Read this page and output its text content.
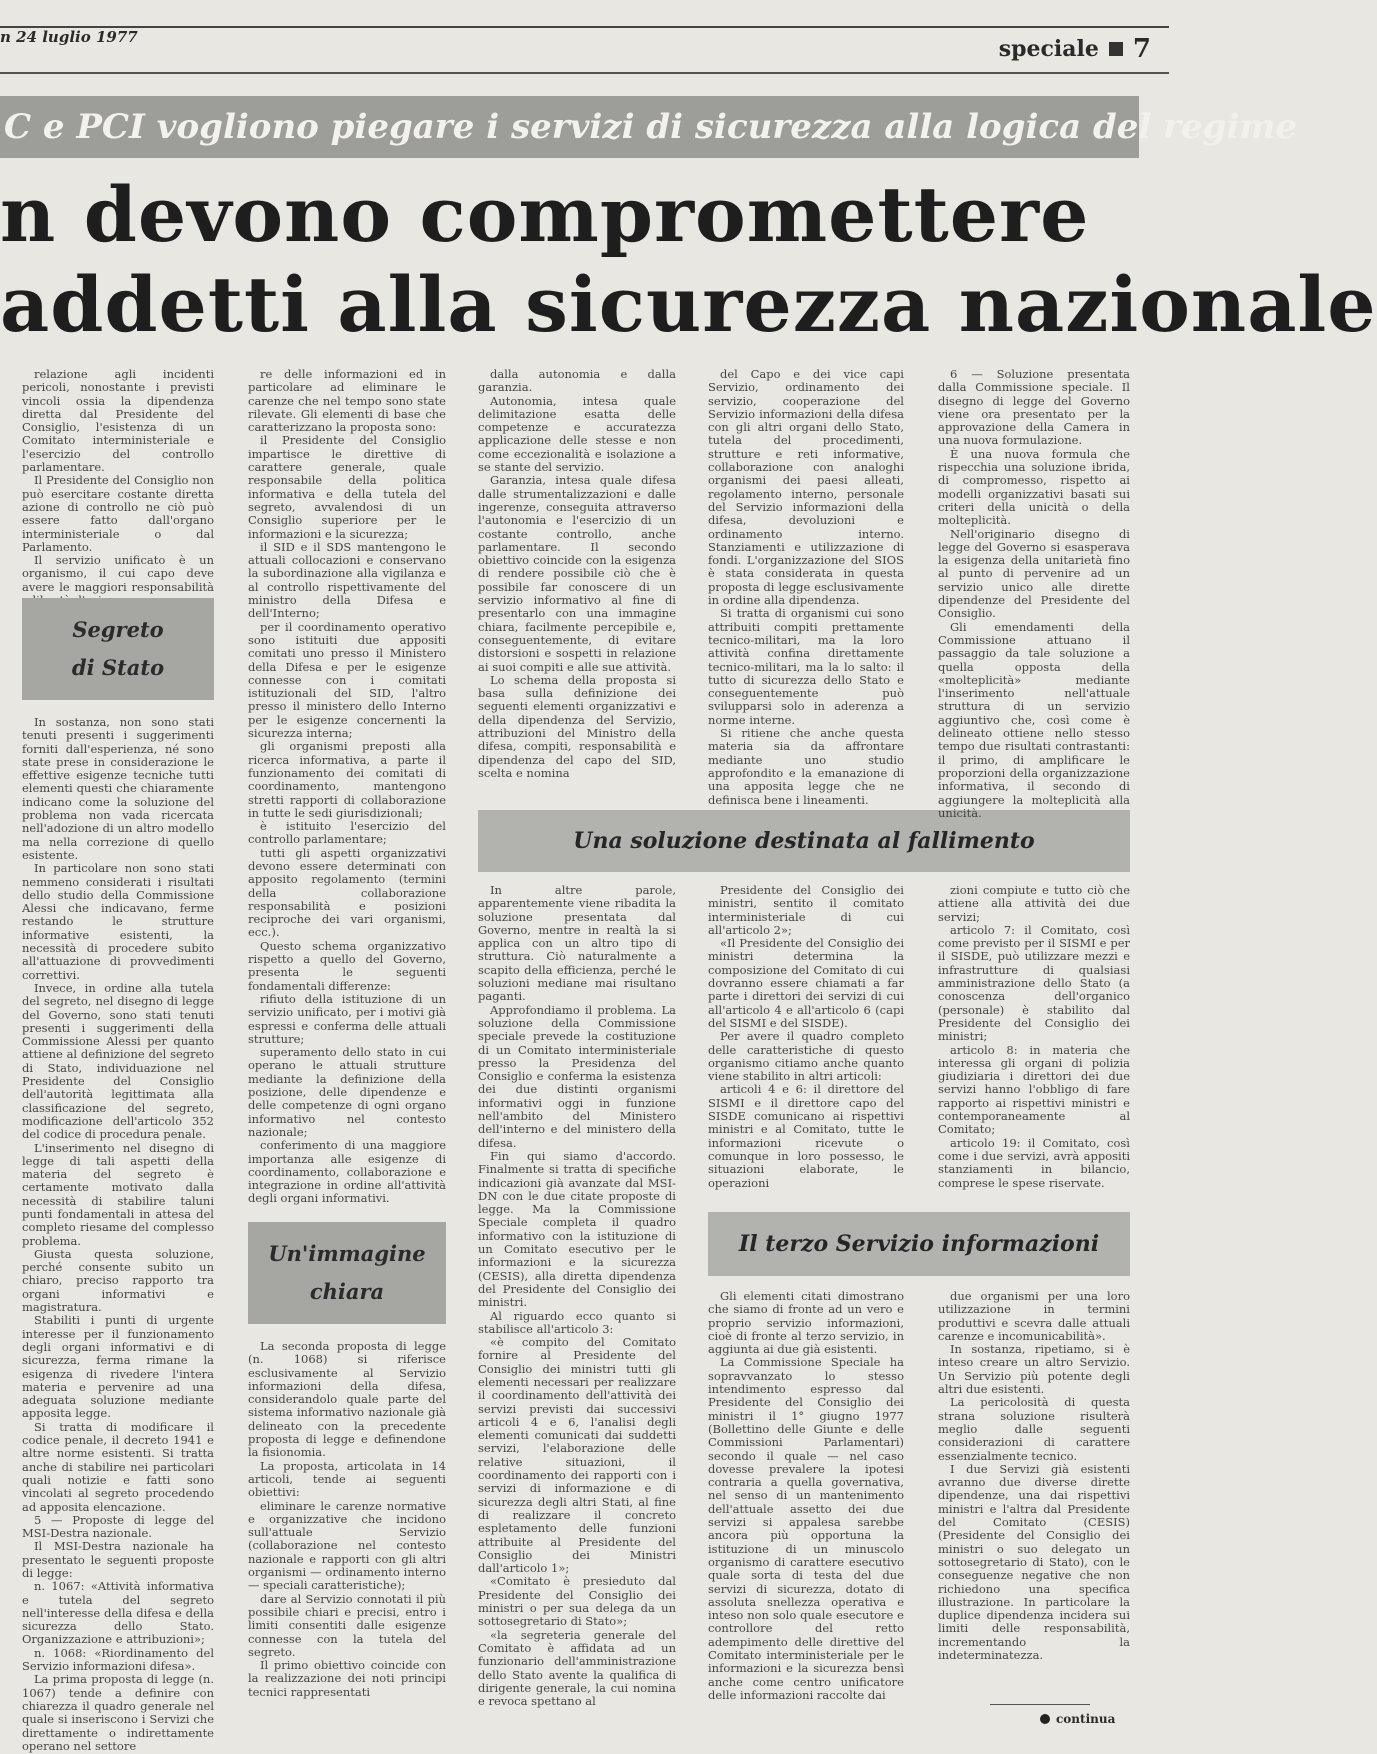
n 24 luglio 1977	speciale 7
C e PCI vogliono piegare i servizi di sicurezza alla logica del regime
n devono compromettere
addetti alla sicurezza nazionale

relazione agli incidenti pericoli, nonostante i previsti vincoli ossia la dipendenza diretta dal Presidente del Consiglio, l'esistenza di un Comitato interministeriale e l'esercizio del controllo parlamentare.

Il Presidente del Consiglio non può esercitare costante diretta azione di controllo ne ciò può essere fatto dall'organo interministeriale o dal Parlamento.

Il servizio unificato è un organismo, il cui capo deve avere le maggiori responsabilità

Segreto
di Stato

In sostanza, non sono stati tenuti presenti i suggerimenti forniti dall'esperienza, né sono state prese in considerazione le effettive esigenze tecniche tutti elementi questi che chiaramente indicano come la soluzione del problema non vada ricercata nell'adozione di un altro modello ma nella correzione di quello esistente.

In particolare non sono stati nemmeno considerati i risultati dello studio della Commissione Alessi che indicavano, ferme restando le strutture informative esistenti, la necessità di procedere subito all'attuazione di provvedimenti correttivi.

Invece, in ordine alla tutela del segreto, nel disegno di legge del Governo, sono stati tenuti presenti i suggerimenti della Commissione Alessi per quanto attiene al definizione del segreto di Stato, individuazione nel Presidente del Consiglio dell'autorità legittimata alla classificazione del segreto, modificazione dell'articolo 352 del codice di procedura penale.

L'inserimento nel disegno di legge di tali aspetti della materia del segreto è certamente motivato dalla necessità di stabilire taluni punti fondamentali in attesa del completo riesame del complesso problema.

Giusta questa soluzione, perché consente subito un chiaro, preciso rapporto tra organi informativi e magistratura.

Stabiliti i punti di urgente interesse per il funzionamento degli organi informativi e di sicurezza, ferma rimane la esigenza di rivedere l'intera materia e pervenire ad una adeguata soluzione mediante apposita legge.

Si tratta di modificare il codice penale, il decreto 1941 e altre norme esistenti. Si tratta anche di stabilire nei particolari quali notizie e fatti sono vincolati al segreto procedendo ad apposita elencazione.

5 — Proposte di legge del MSI-Destra nazionale.

Il MSI-Destra nazionale ha presentato le seguenti proposte di legge:

n. 1067: «Attività informativa e tutela del segreto nell'interesse della difesa e della sicurezza dello Stato. Organizzazione e attribuzioni»;

n. 1068: «Riordinamento del Servizio informazioni difesa».

La prima proposta di legge (n. 1067) tende a definire con chiarezza il quadro generale nel quale si inseriscono i Servizi che direttamente o indirettamente operano nel settore

re delle informazioni ed in particolare ad eliminare le carenze che nel tempo sono state rilevate. Gli elementi di base che caratterizzano la proposta sono:

il Presidente del Consiglio impartisce le direttive di carattere generale, quale responsabile della politica informativa e della tutela del segreto, avvalendosi di un Consiglio superiore per le informazioni e la sicurezza;

il SID e il SDS mantengono le attuali collocazioni e conservano la subordinazione alla vigilanza e al controllo rispettivamente del ministro della Difesa e dell'Interno;

per il coordinamento operativo sono istituiti due appositi comitati uno presso il Ministero della Difesa e per le esigenze connesse con i comitati istituzionali del SID, l'altro presso il ministero dello Interno per le esigenze concernenti la sicurezza interna;

gli organismi preposti alla ricerca informativa, a parte il funzionamento dei comitati di coordinamento, mantengono stretti rapporti di collaborazione in tutte le sedi giurisdizionali;

è istituito l'esercizio del controllo parlamentare;

tutti gli aspetti organizzativi devono essere determinati con apposito regolamento (termini della collaborazione responsabilità e posizioni reciproche dei vari organismi, ecc.).

Questo schema organizzativo rispetto a quello del Governo, presenta le seguenti fondamentali differenze:

rifiuto della istituzione di un servizio unificato, per i motivi già espressi e conferma delle attuali strutture;

superamento dello stato in cui operano le attuali strutture mediante la definizione della posizione, delle dipendenze e delle competenze di ogni organo informativo nel contesto nazionale;

conferimento di una maggiore importanza alle esigenze di coordinamento, collaborazione e integrazione in ordine all'attività degli organi informativi.

Un'immagine
chiara

La seconda proposta di legge (n. 1068) si riferisce esclusivamente al Servizio informazioni della difesa, considerandolo quale parte del sistema informativo nazionale già delineato con la precedente proposta di legge e definendone la fisionomia.

La proposta, articolata in 14 articoli, tende ai seguenti obiettivi:

eliminare le carenze normative e organizzative che incidono sull'attuale Servizio (collaborazione nel contesto nazionale e rapporti con gli altri organismi — ordinamento interno — speciali caratteristiche);

dare al Servizio connotati il più possibile chiari e precisi, entro i limiti consentiti dalle esigenze connesse con la tutela del segreto.

Il primo obiettivo coincide con la realizzazione dei noti principi tecnici rappresentati

dalla autonomia e dalla garanzia.

Autonomia, intesa quale delimitazione esatta delle competenze e accuratezza applicazione delle stesse e non come eccezionalità e isolazione a se stante del servizio.

Garanzia, intesa quale difesa dalle strumentalizzazioni e dalle ingerenze, conseguita attraverso l'autonomia e l'esercizio di un costante controllo, anche parlamentare. Il secondo obiettivo coincide con la esigenza di rendere possibile ciò che è possibile far conoscere di un servizio informativo al fine di presentarlo con una immagine chiara, facilmente percepibile e, conseguentemente, di evitare distorsioni e sospetti in relazione ai suoi compiti e alle sue attività.

Lo schema della proposta si basa sulla definizione dei seguenti elementi organizzativi e della dipendenza del Servizio, attribuzioni del Ministro della difesa, compiti, responsabilità e dipendenza del capo del SID, scelta e nomina

Una soluzione destinata al fallimento

In altre parole, apparentemente viene ribadita la soluzione presentata dal Governo, mentre in realtà la si applica con un altro tipo di struttura. Ciò naturalmente a scapito della efficienza, perché le soluzioni mediane mai risultano paganti.

Approfondiamo il problema. La soluzione della Commissione speciale prevede la costituzione di un Comitato interministeriale presso la Presidenza del Consiglio e conferma la esistenza dei due distinti organismi informativi oggi in funzione nell'ambito del Ministero dell'interno e del ministero della difesa.

Fin qui siamo d'accordo. Finalmente si tratta di specifiche indicazioni già avanzate dal MSI-DN con le due citate proposte di legge. Ma la Commissione Speciale completa il quadro informativo con la istituzione di un Comitato esecutivo per le informazioni e la sicurezza (CESIS), alla diretta dipendenza del Presidente del Consiglio dei ministri.

Al riguardo ecco quanto si stabilisce all'articolo 3:

«è compito del Comitato fornire al Presidente del Consiglio dei ministri tutti gli elementi necessari per realizzare il coordinamento dell'attività dei servizi previsti dai successivi articoli 4 e 6, l'analisi degli elementi comunicati dai suddetti servizi, l'elaborazione delle relative situazioni, il coordinamento dei rapporti con i servizi di informazione e di sicurezza degli altri Stati, al fine di realizzare il concreto espletamento delle funzioni attribuite al Presidente del Consiglio dei Ministri dall'articolo 1»;

«Comitato è presieduto dal Presidente del Consiglio dei ministri o per sua delega da un sottosegretario di Stato»;

«la segreteria generale del Comitato è affidata ad un funzionario dell'amministrazione dello Stato avente la qualifica di dirigente generale, la cui nomina e revoca spettano al

del Capo e dei vice capi Servizio, ordinamento dei servizio, cooperazione del Servizio informazioni della difesa con gli altri organi dello Stato, tutela del procedimenti, strutture e reti informative, collaborazione con analoghi organismi dei paesi alleati, regolamento interno, personale del Servizio informazioni della difesa, devoluzioni e ordinamento interno. Stanziamenti e utilizzazione di fondi. L'organizzazione del SIOS è stata considerata in questa proposta di legge esclusivamente in ordine alla dipendenza.

Si tratta di organismi cui sono attribuiti compiti prettamente tecnico-militari, ma la loro attività confina direttamente tecnico-militari, ma la lo salto: il tutto di sicurezza dello Stato e conseguentemente può svilupparsi solo in aderenza a norme interne.

Si ritiene che anche questa materia sia da affrontare mediante uno studio approfondito e la emanazione di una apposita legge che ne definisca bene i lineamenti.

Presidente del Consiglio dei ministri, sentito il comitato interministeriale di cui all'articolo 2»;

«Il Presidente del Consiglio dei ministri determina la composizione del Comitato di cui dovranno essere chiamati a far parte i direttori dei servizi di cui all'articolo 4 e all'articolo 6 (capi del SISMI e del SISDE).

Per avere il quadro completo delle caratteristiche di questo organismo citiamo anche quanto viene stabilito in altri articoli:

articoli 4 e 6: il direttore del SISMI e il direttore capo del SISDE comunicano ai rispettivi ministri e al Comitato, tutte le informazioni ricevute o comunque in loro possesso, le situazioni elaborate, le operazioni

Il terzo Servizio informazioni

Gli elementi citati dimostrano che siamo di fronte ad un vero e proprio servizio informazioni, cioè di fronte al terzo servizio, in aggiunta ai due già esistenti.

La Commissione Speciale ha sopravvanzato lo stesso intendimento espresso dal Presidente del Consiglio dei ministri il 1° giugno 1977 (Bollettino delle Giunte e delle Commissioni Parlamentari) secondo il quale — nel caso dovesse prevalere la ipotesi contraria a quella governativa, nel senso di un mantenimento dell'attuale assetto dei due servizi si appalesa sarebbe ancora più opportuna la istituzione di un minuscolo organismo di carattere esecutivo quale sorta di testa del due servizi di sicurezza, dotato di assoluta snellezza operativa e inteso non solo quale esecutore e controllore del retto adempimento delle direttive del Comitato interministeriale per le informazioni e la sicurezza bensì anche come centro unificatore delle informazioni raccolte dai

6 — Soluzione presentata dalla Commissione speciale. Il disegno di legge del Governo viene ora presentato per la approvazione della Camera in una nuova formulazione.

È una nuova formula che rispecchia una soluzione ibrida, di compromesso, rispetto ai modelli organizzativi basati sui criteri della unicità o della molteplicità.

Nell'originario disegno di legge del Governo si esasperava la esigenza della unitarietà fino al punto di pervenire ad un servizio unico alle dirette dipendenze del Presidente del Consiglio.

Gli emendamenti della Commissione attuano il passaggio da tale soluzione a quella opposta della «molteplicità» mediante l'inserimento nell'attuale struttura di un servizio aggiuntivo che, così come è delineato ottiene nello stesso tempo due risultati contrastanti: il primo, di amplificare le proporzioni della organizzazione informativa, il secondo di aggiungere la molteplicità alla unicità.

zioni compiute e tutto ciò che attiene alla attività dei due servizi;

articolo 7: il Comitato, così come previsto per il SISMI e per il SISDE, può utilizzare mezzi e infrastrutture di qualsiasi amministrazione dello Stato (a conoscenza dell'organico (personale) è stabilito dal Presidente del Consiglio dei ministri;

articolo 8: in materia che interessa gli organi di polizia giudiziaria i direttori dei due servizi hanno l'obbligo di fare rapporto ai rispettivi ministri e contemporaneamente al Comitato;

articolo 19: il Comitato, così come i due servizi, avrà appositi stanziamenti in bilancio, comprese le spese riservate.

due organismi per una loro utilizzazione in termini produttivi e scevra dalle attuali carenze e incomunicabilità».

In sostanza, ripetiamo, si è inteso creare un altro Servizio. Un Servizio più potente degli altri due esistenti.

La pericolosità di questa strana soluzione risulterà meglio dalle seguenti considerazioni di carattere essenzialmente tecnico.

I due Servizi già esistenti avranno due diverse dirette dipendenze, una dai rispettivi ministri e l'altra dal Presidente del Comitato (CESIS) (Presidente del Consiglio dei ministri o suo delegato un sottosegretario di Stato), con le conseguenze negative che non richiedono una specifica illustrazione. In particolare la duplice dipendenza incidera sui limiti delle responsabilità, incrementando la indeterminatezza.

continua
